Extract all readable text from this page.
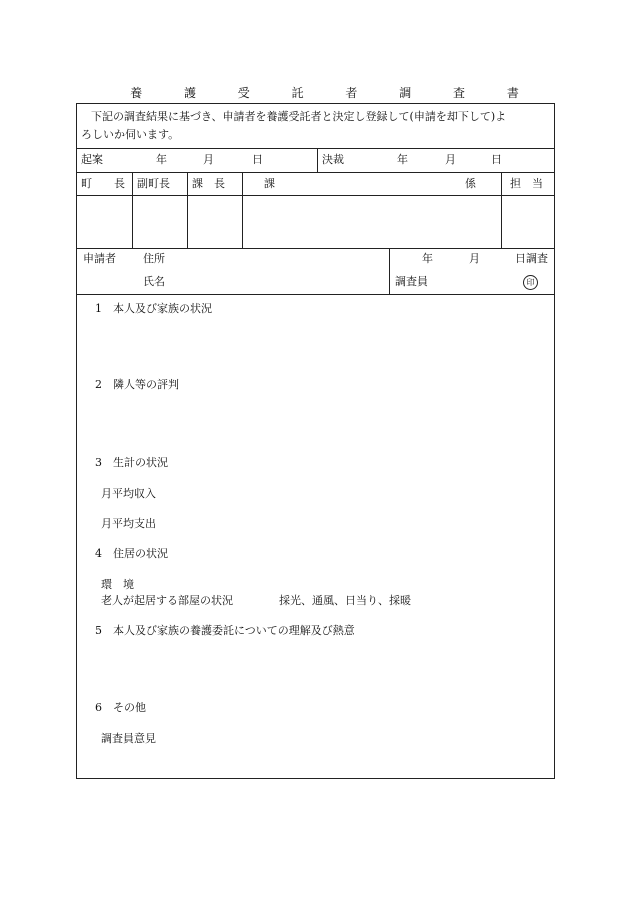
養 護 受 託 者 調 査 書
下記の調査結果に基づき、申請者を養護受託者と決定し登録して(申請を却下して)よ
ろしいか伺います。
起案	年	月	日	決裁	年	月	日
町　　長 副町長 課　長	課	係	担　当
申請者 住所
氏名
年	月	日調査
調査員	印
1　 本人及び家族の状況
2　 隣人等の評判
3　 生計の状況
月平均収入
月平均支出
4　 住居の状況
環　境
老人が起居する部屋の状況	採光、通風、日当り、採暖
5　 本人及び家族の養護委託についての理解及び熱意
6　 その他
調査員意見
